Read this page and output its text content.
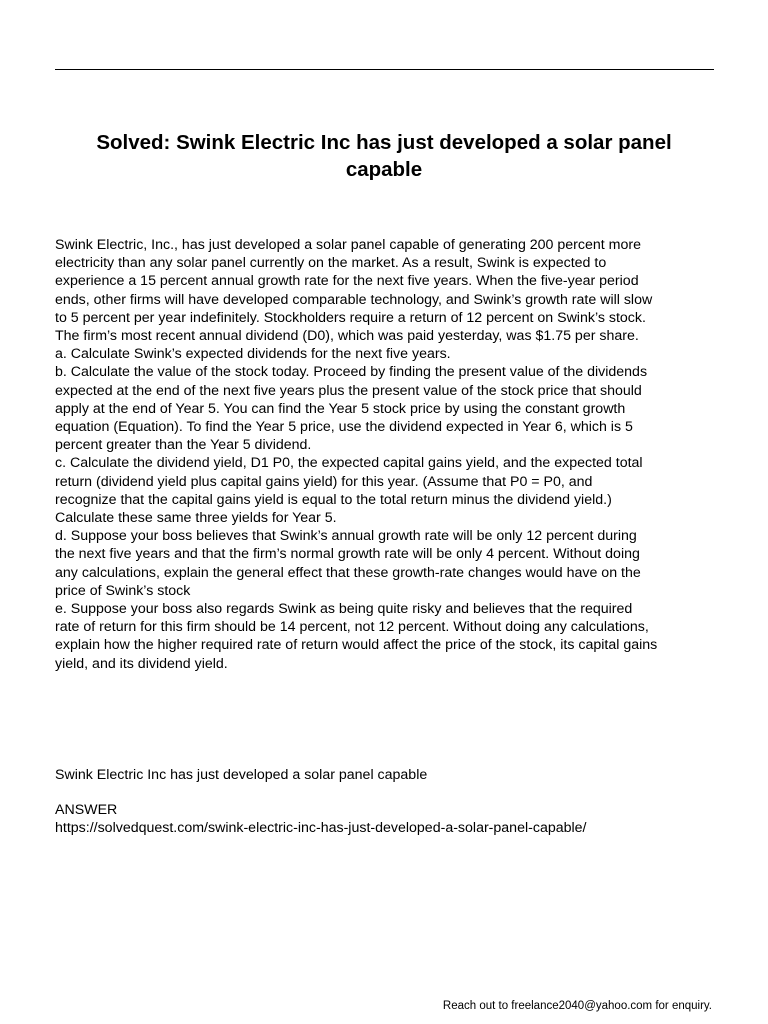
Solved: Swink Electric Inc has just developed a solar panel
capable

Swink Electric, Inc., has just developed a solar panel capable of generating 200 percent more

electricity than any solar panel currently on the market. As a result, Swink is expected to

experience a 15 percent annual growth rate for the next five years. When the five-year period

ends, other firms will have developed comparable technology, and Swink’s growth rate will slow

to 5 percent per year indefinitely. Stockholders require a return of 12 percent on Swink’s stock.

The firm’s most recent annual dividend (D0), which was paid yesterday, was $1.75 per share.

a. Calculate Swink’s expected dividends for the next five years.

b. Calculate the value of the stock today. Proceed by finding the present value of the dividends

expected at the end of the next five years plus the present value of the stock price that should

apply at the end of Year 5. You can find the Year 5 stock price by using the constant growth

equation (Equation). To find the Year 5 price, use the dividend expected in Year 6, which is 5

percent greater than the Year 5 dividend.

c. Calculate the dividend yield, D1 P0, the expected capital gains yield, and the expected total

return (dividend yield plus capital gains yield) for this year. (Assume that P0 = P0, and

recognize that the capital gains yield is equal to the total return minus the dividend yield.)

Calculate these same three yields for Year 5.

d. Suppose your boss believes that Swink’s annual growth rate will be only 12 percent during

the next five years and that the firm’s normal growth rate will be only 4 percent. Without doing

any calculations, explain the general effect that these growth-rate changes would have on the

price of Swink’s stock

e. Suppose your boss also regards Swink as being quite risky and believes that the required

rate of return for this firm should be 14 percent, not 12 percent. Without doing any calculations,

explain how the higher required rate of return would affect the price of the stock, its capital gains

yield, and its dividend yield.

Swink Electric Inc has just developed a solar panel capable

ANSWER

https://solvedquest.com/swink-electric-inc-has-just-developed-a-solar-panel-capable/

Reach out to freelance2040@yahoo.com for enquiry.
